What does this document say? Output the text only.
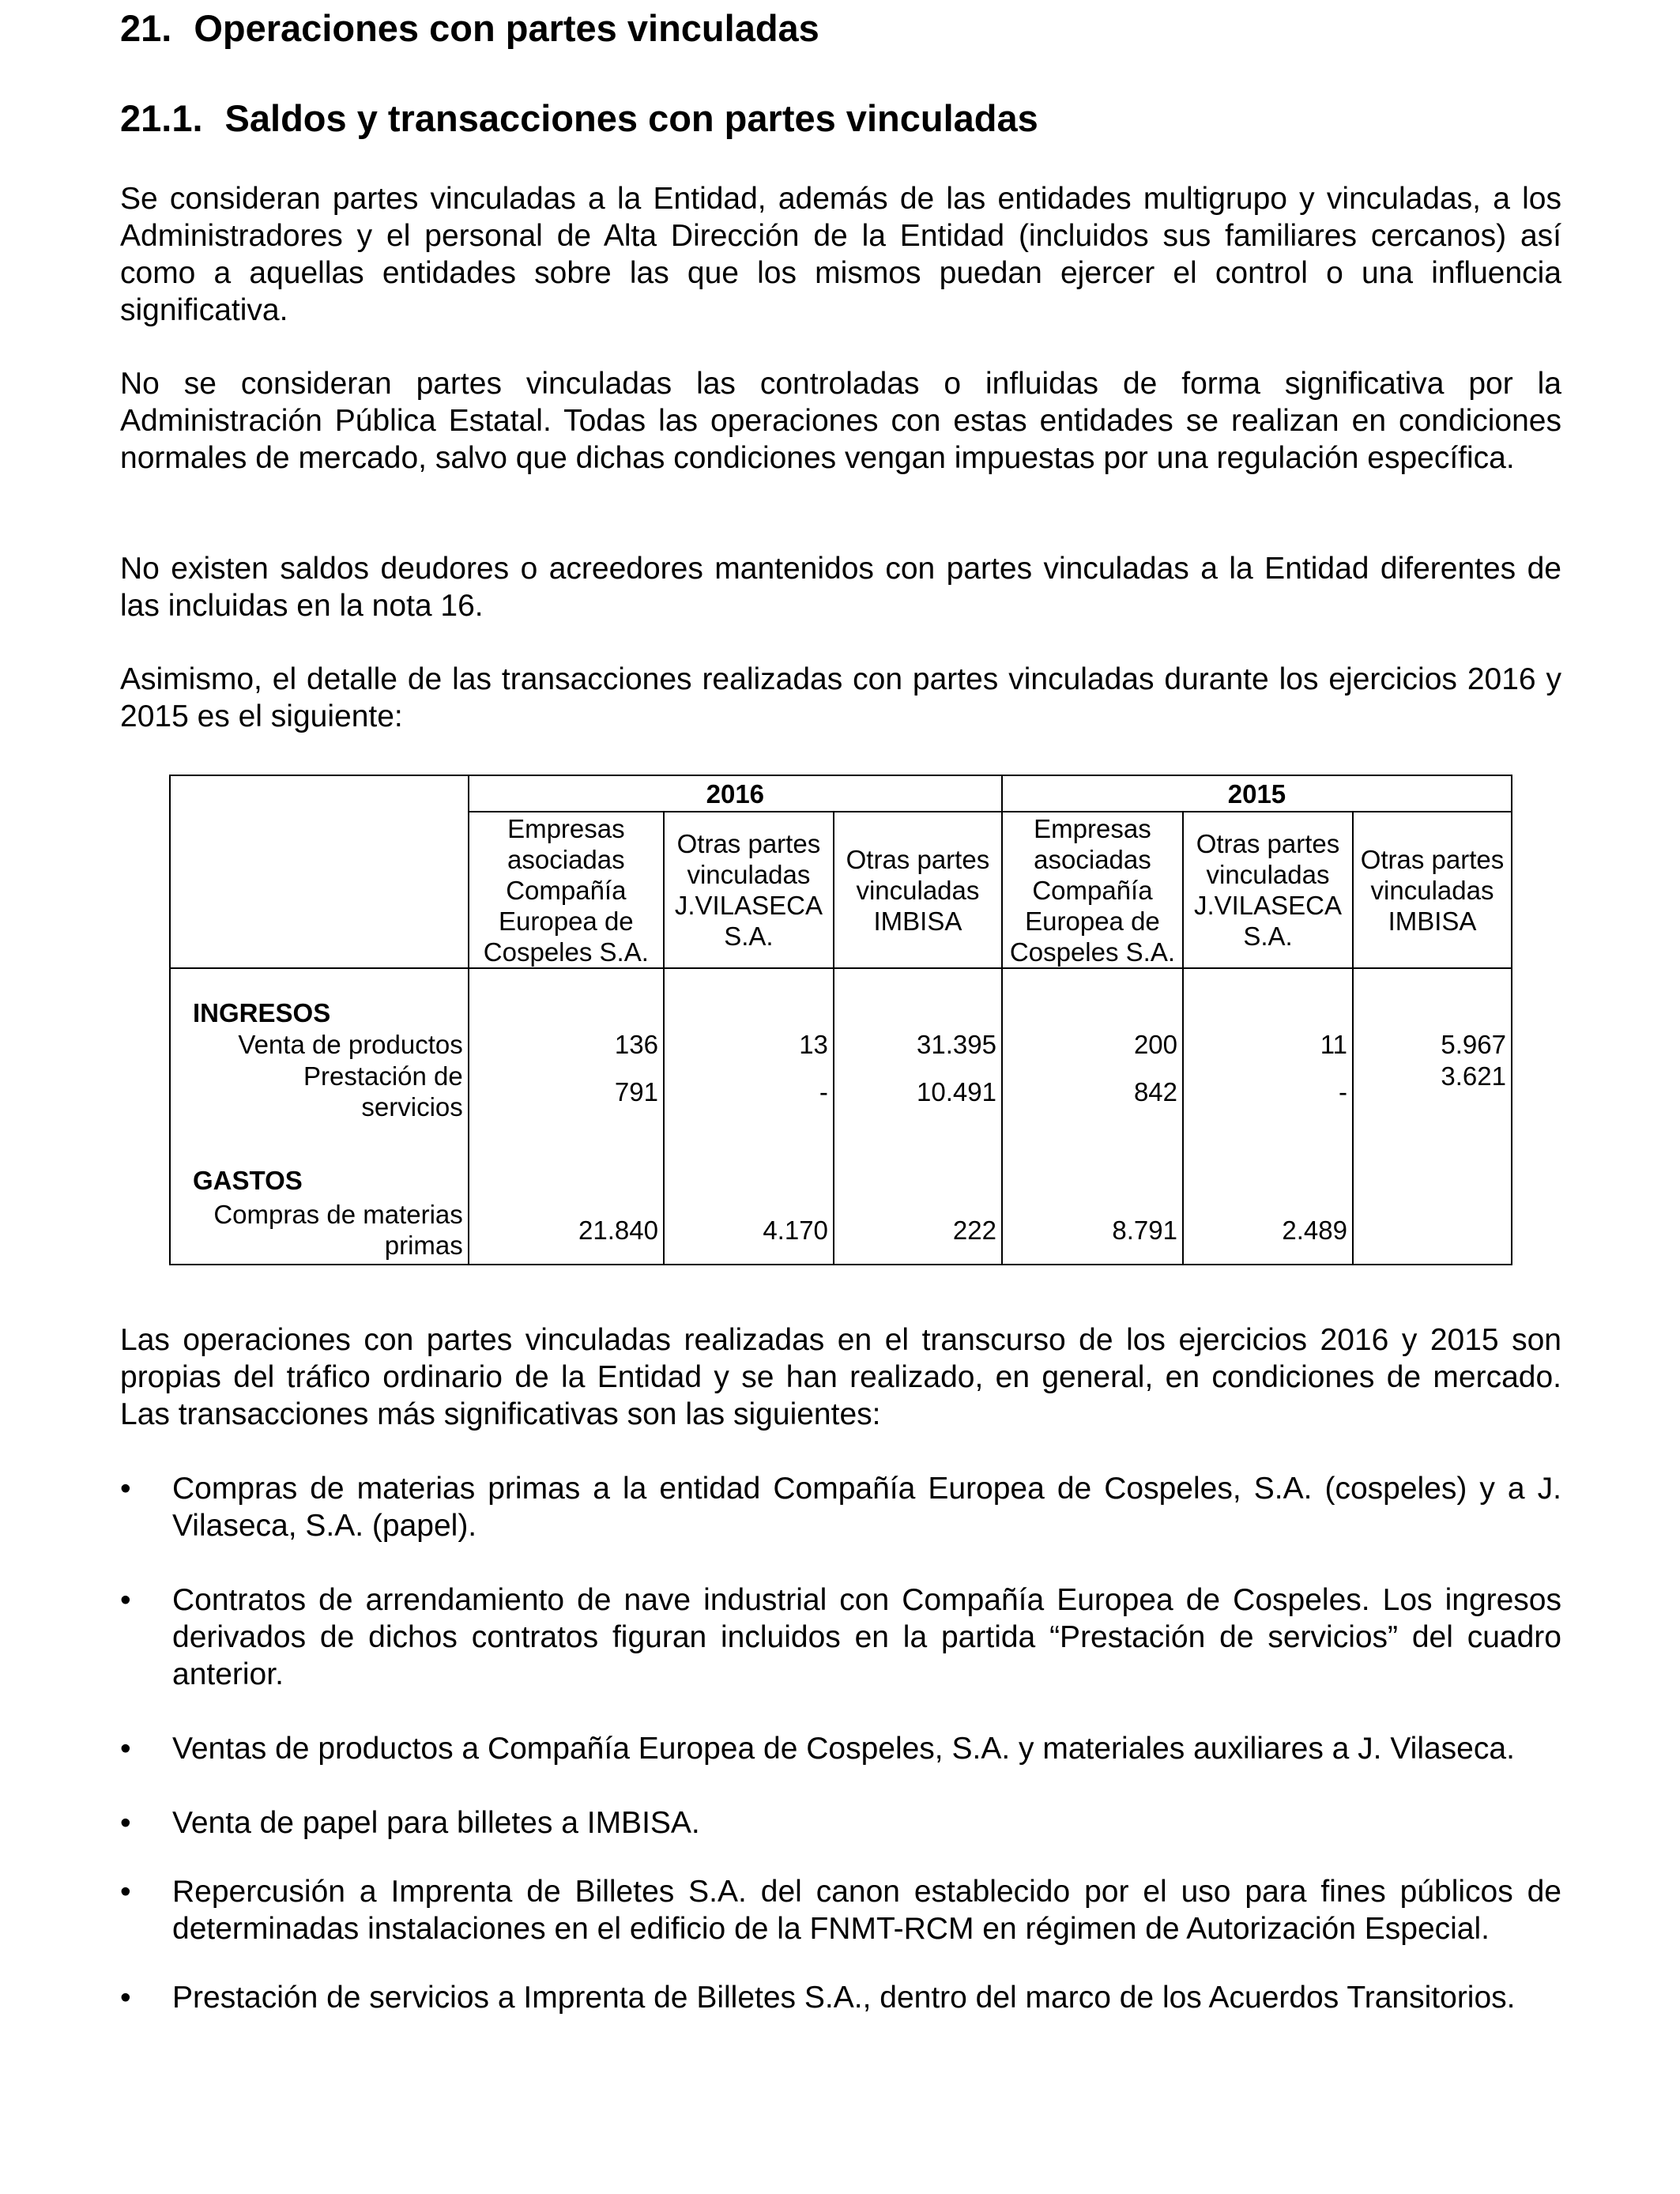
21. Operaciones con partes vinculadas
21.1. Saldos y transacciones con partes vinculadas

Se consideran partes vinculadas a la Entidad, además de las entidades multigrupo y vinculadas, a los Administradores y el personal de Alta Dirección de la Entidad (incluidos sus familiares cercanos) así como a aquellas entidades sobre las que los mismos puedan ejercer el control o una influencia significativa.

No se consideran partes vinculadas las controladas o influidas de forma significativa por la Administración Pública Estatal. Todas las operaciones con estas entidades se realizan en condiciones normales de mercado, salvo que dichas condiciones vengan impuestas por una regulación específica.

No existen saldos deudores o acreedores mantenidos con partes vinculadas a la Entidad diferentes de las incluidas en la nota 16.

Asimismo, el detalle de las transacciones realizadas con partes vinculadas durante los ejercicios 2016 y 2015 es el siguiente:

	2016			2015		
	Empresas asociadas Compañía Europea de Cospeles S.A.	Otras partes vinculadas J.VILASECA S.A.	Otras partes vinculadas IMBISA	Empresas asociadas Compañía Europea de Cospeles S.A.	Otras partes vinculadas J.VILASECA S.A.	Otras partes vinculadas IMBISA

INGRESOS						
Venta de productos	136	13	31.395	200	11	5.967
Prestación de servicios	791	-	10.491	842	-	3.621

GASTOS						
Compras de materias primas	21.840	4.170	222	8.791	2.489	

Las operaciones con partes vinculadas realizadas en el transcurso de los ejercicios 2016 y 2015 son propias del tráfico ordinario de la Entidad y se han realizado, en general, en condiciones de mercado. Las transacciones más significativas son las siguientes:

• Compras de materias primas a la entidad Compañía Europea de Cospeles, S.A. (cospeles) y a J. Vilaseca, S.A. (papel).
• Contratos de arrendamiento de nave industrial con Compañía Europea de Cospeles. Los ingresos derivados de dichos contratos figuran incluidos en la partida “Prestación de servicios” del cuadro anterior.
• Ventas de productos a Compañía Europea de Cospeles, S.A. y materiales auxiliares a J. Vilaseca.
• Venta de papel para billetes a IMBISA.
• Repercusión a Imprenta de Billetes S.A. del canon establecido por el uso para fines públicos de determinadas instalaciones en el edificio de la FNMT-RCM en régimen de Autorización Especial.
• Prestación de servicios a Imprenta de Billetes S.A., dentro del marco de los Acuerdos Transitorios.
